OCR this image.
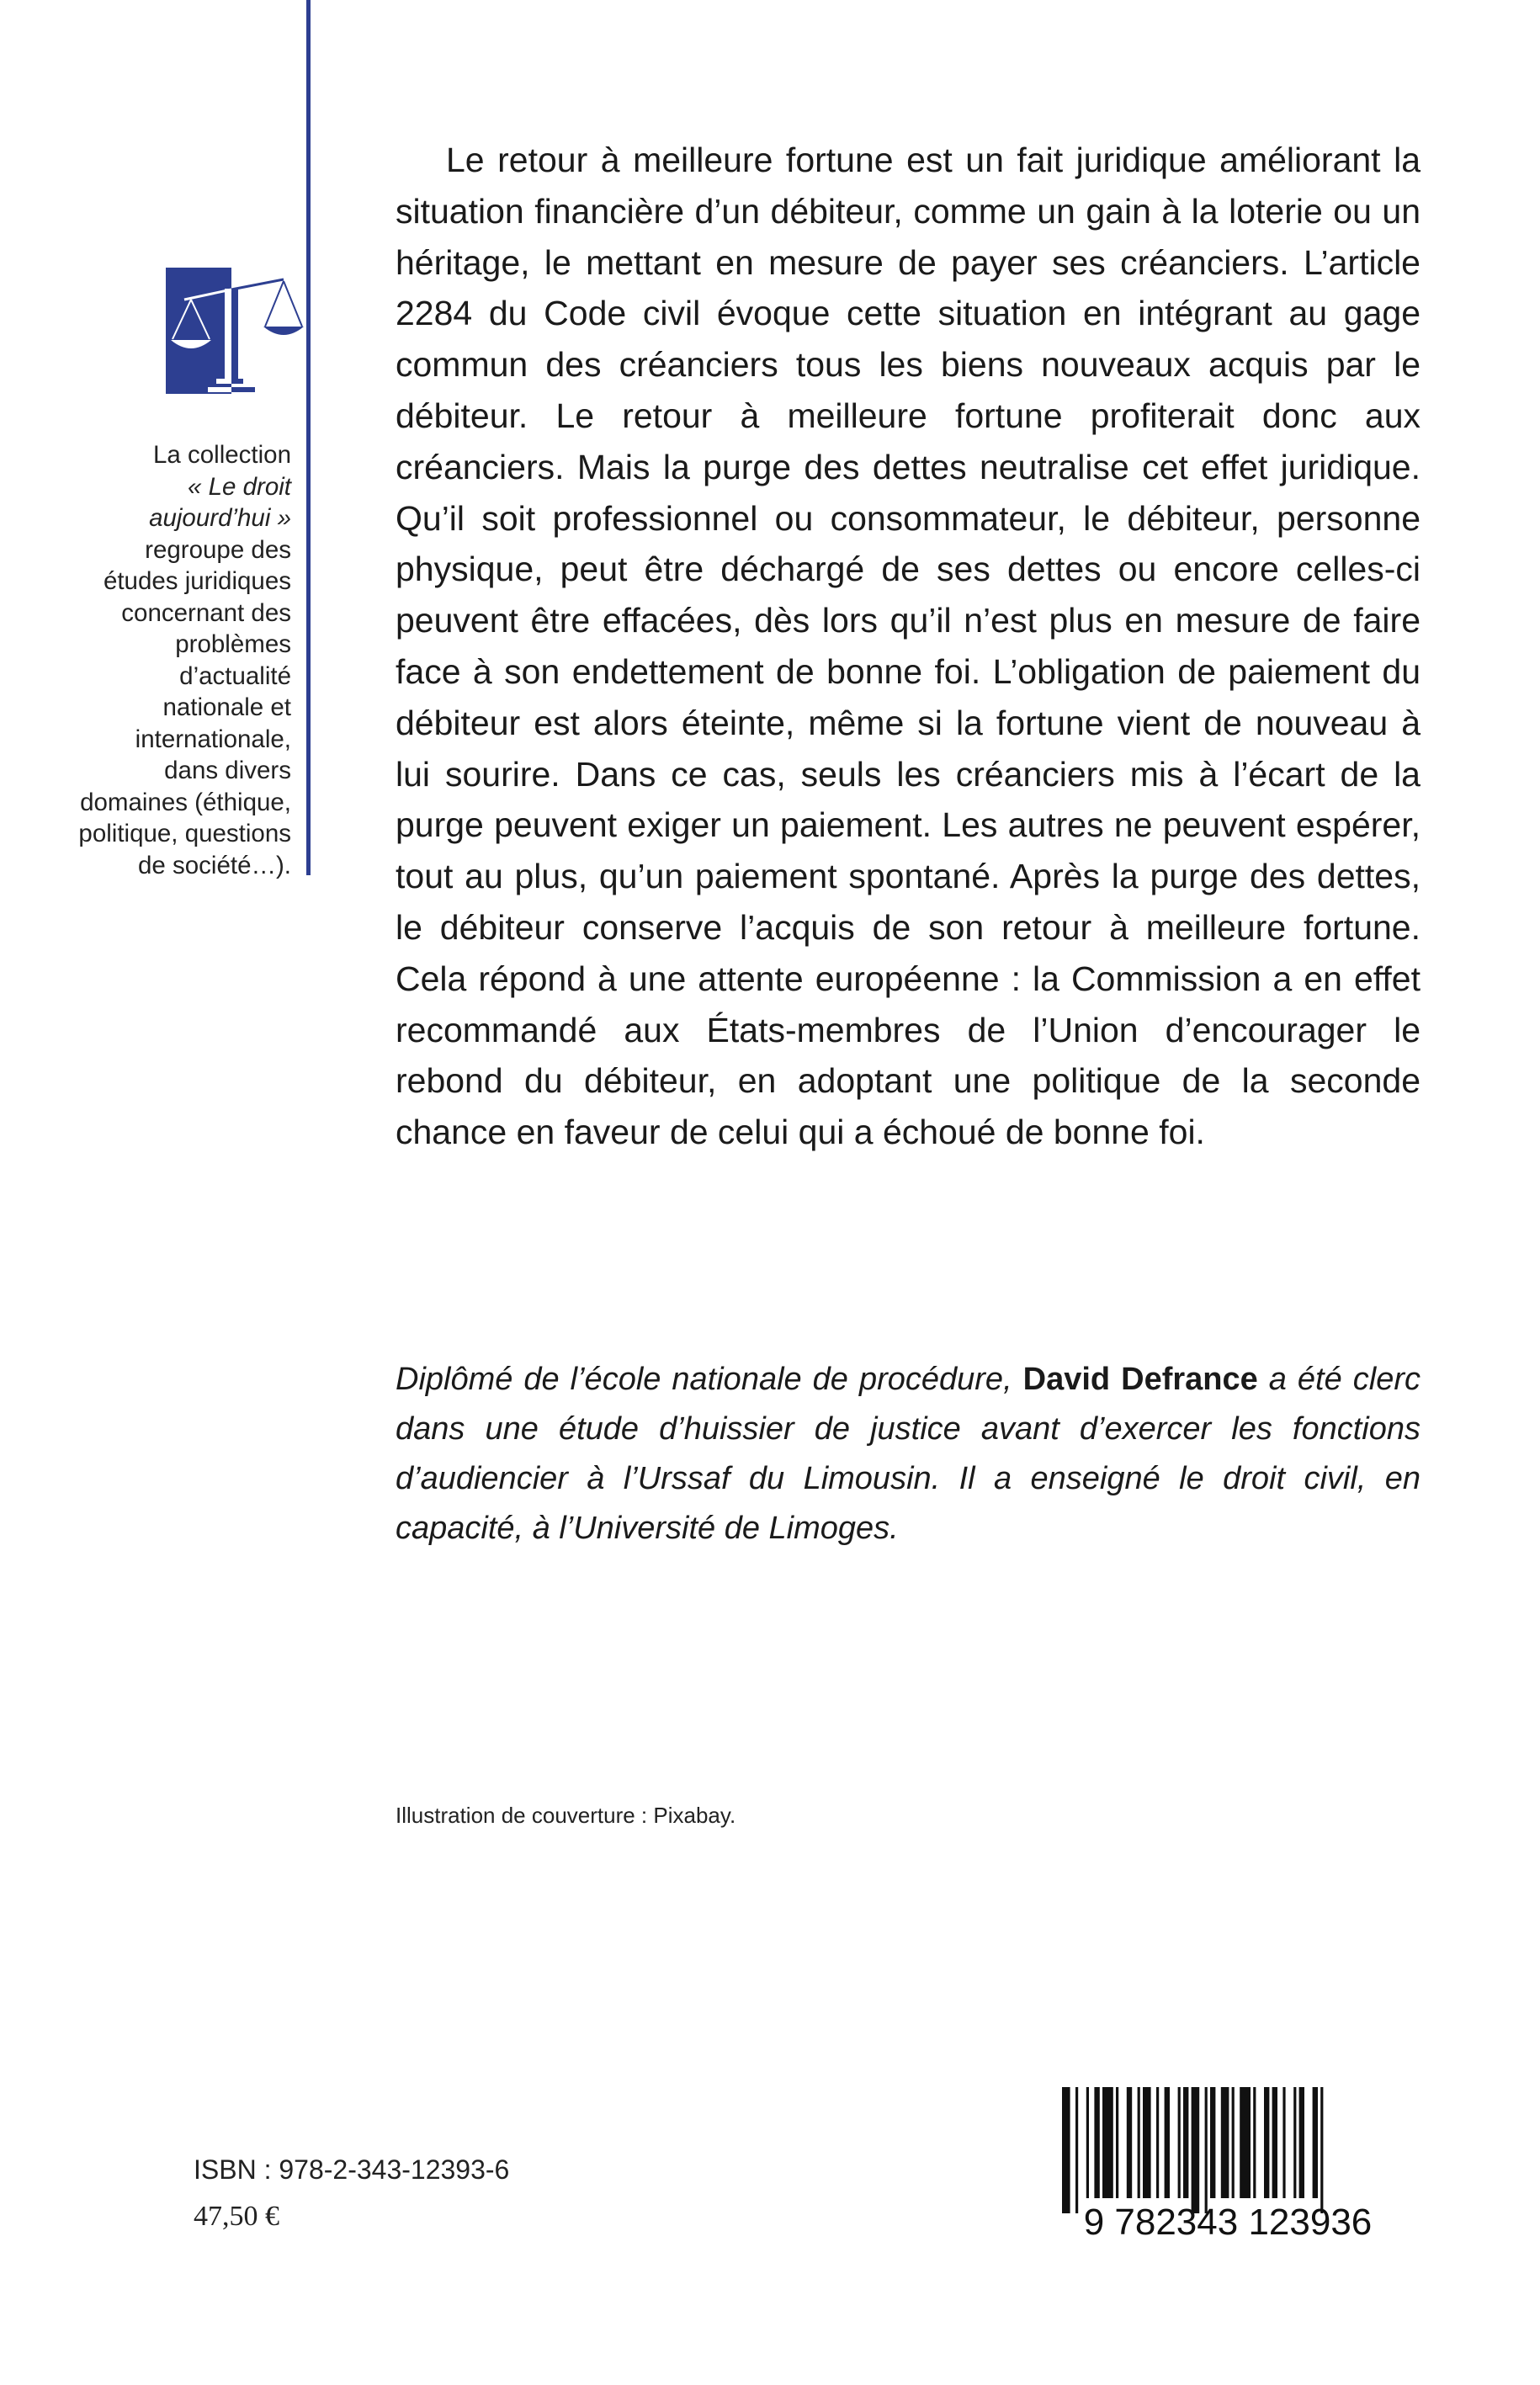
La collection

« Le droit aujourd’hui »

regroupe des études juridiques concernant des problèmes d’actualité nationale et internationale, dans divers domaines (éthique, politique, questions de société…).

Le retour à meilleure fortune est un fait juridique améliorant la situation financière d’un débiteur, comme un gain à la loterie ou un héritage, le mettant en mesure de payer ses créanciers. L’article 2284 du Code civil évoque cette situation en intégrant au gage commun des créanciers tous les biens nouveaux acquis par le débiteur. Le retour à meilleure fortune profiterait donc aux créanciers. Mais la purge des dettes neutralise cet effet juridique. Qu’il soit professionnel ou consommateur, le débiteur, personne physique, peut être déchargé de ses dettes ou encore celles-ci peuvent être effacées, dès lors qu’il n’est plus en mesure de faire face à son endettement de bonne foi. L’obligation de paiement du débiteur est alors éteinte, même si la fortune vient de nouveau à lui sourire. Dans ce cas, seuls les créanciers mis à l’écart de la purge peuvent exiger un paiement. Les autres ne peuvent espérer, tout au plus, qu’un paiement spontané. Après la purge des dettes, le débiteur conserve l’acquis de son retour à meilleure fortune. Cela répond à une attente européenne : la Commission a en effet recommandé aux États-membres de l’Union d’encourager le rebond du débiteur, en adoptant une politique de la seconde chance en faveur de celui qui a échoué de bonne foi.

Diplômé de l’école nationale de procédure, David Defrance a été clerc dans une étude d’huissier de justice avant d’exercer les fonctions d’audiencier à l’Urssaf du Limousin. Il a enseigné le droit civil, en capacité, à l’Université de Limoges.

Illustration de couverture : Pixabay.
ISBN : 978-2-343-12393-6
47,50 €	9 782343 123936
